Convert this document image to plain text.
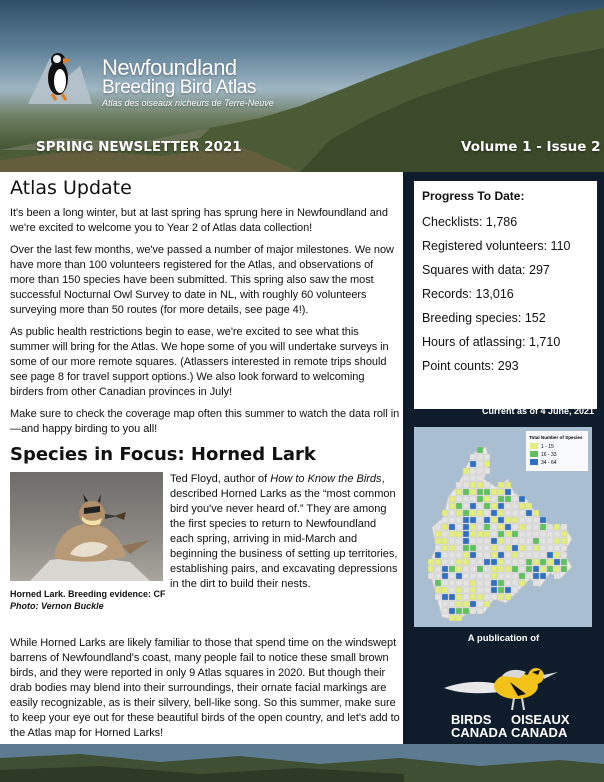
Newfoundland
Breeding Bird Atlas
Atlas des oiseaux nicheurs de Terre-Neuve
SPRING NEWSLETTER 2021	Volume 1 - Issue 2
Atlas Update

It's been a long winter, but at last spring has sprung here in Newfoundland and we're excited to welcome you to Year 2 of Atlas data collection!

Over the last few months, we've passed a number of major milestones. We now have more than 100 volunteers registered for the Atlas, and observations of more than 150 species have been submitted. This spring also saw the most successful Nocturnal Owl Survey to date in NL, with roughly 60 volunteers surveying more than 50 routes (for more details, see page 4!).

As public health restrictions begin to ease, we're excited to see what this summer will bring for the Atlas. We hope some of you will undertake surveys in some of our more remote squares. (Atlassers interested in remote trips should see page 8 for travel support options.) We also look forward to welcoming birders from other Canadian provinces in July!

Make sure to check the coverage map often this summer to watch the data roll in—and happy birding to you all!

Species in Focus: Horned Lark
Horned Lark. Breeding evidence: CF
Photo: Vernon Buckle
Ted Floyd, author of How to Know the Birds, described Horned Larks as the “most common bird you've never heard of.” They are among the first species to return to Newfoundland each spring, arriving in mid-March and beginning the business of setting up territories, establishing pairs, and excavating depressions in the dirt to build their nests.

While Horned Larks are likely familiar to those that spend time on the windswept barrens of Newfoundland's coast, many people fail to notice these small brown birds, and they were reported in only 9 Atlas squares in 2020. But though their drab bodies may blend into their surroundings, their ornate facial markings are easily recognizable, as is their silvery, bell-like song. So this summer, make sure to keep your eye out for these beautiful birds of the open country, and let's add to the Atlas map for Horned Larks!

Progress To Date:
Checklists: 1,786
Registered volunteers: 110
Squares with data: 297
Records: 13,016
Breeding species: 152
Hours of atlassing: 1,710
Point counts: 293
Current as of 4 June, 2021
Total Number of Species
1 - 15
16 - 33
34 - 64
A publication of
BIRDS
CANADA
OISEAUX
CANADA
